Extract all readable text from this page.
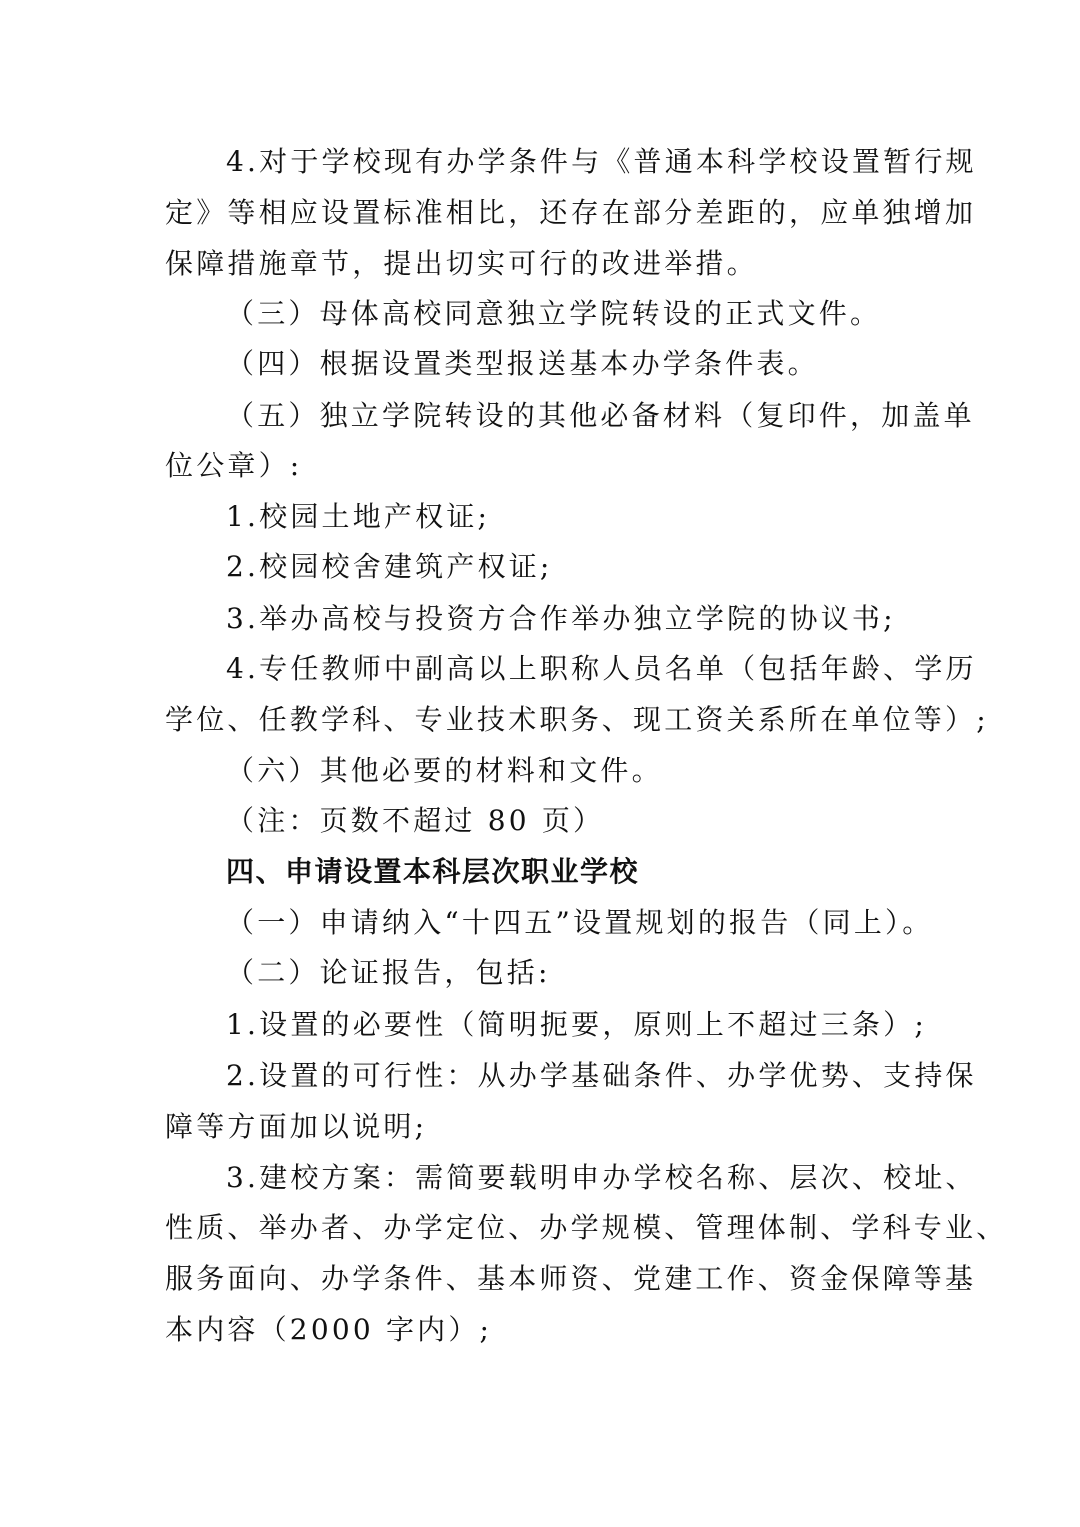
4.对于学校现有办学条件与《普通本科学校设置暂行规
定》等相应设置标准相比，还存在部分差距的，应单独增加
保障措施章节，提出切实可行的改进举措。
（三）母体高校同意独立学院转设的正式文件。
（四）根据设置类型报送基本办学条件表。
（五）独立学院转设的其他必备材料（复印件，加盖单
位公章）:
1.校园土地产权证;
2.校园校舍建筑产权证;
3.举办高校与投资方合作举办独立学院的协议书;
4.专任教师中副高以上职称人员名单（包括年龄、学历
学位、任教学科、专业技术职务、现工资关系所在单位等）;
（六）其他必要的材料和文件。
（注：页数不超过 80 页）
四、申请设置本科层次职业学校
（一）申请纳入“十四五”设置规划的报告（同上）。
（二）论证报告，包括:
1.设置的必要性（简明扼要，原则上不超过三条）;
2.设置的可行性：从办学基础条件、办学优势、支持保
障等方面加以说明;
3.建校方案：需简要载明申办学校名称、层次、校址、
性质、举办者、办学定位、办学规模、管理体制、学科专业、
服务面向、办学条件、基本师资、党建工作、资金保障等基
本内容（2000 字内）;
